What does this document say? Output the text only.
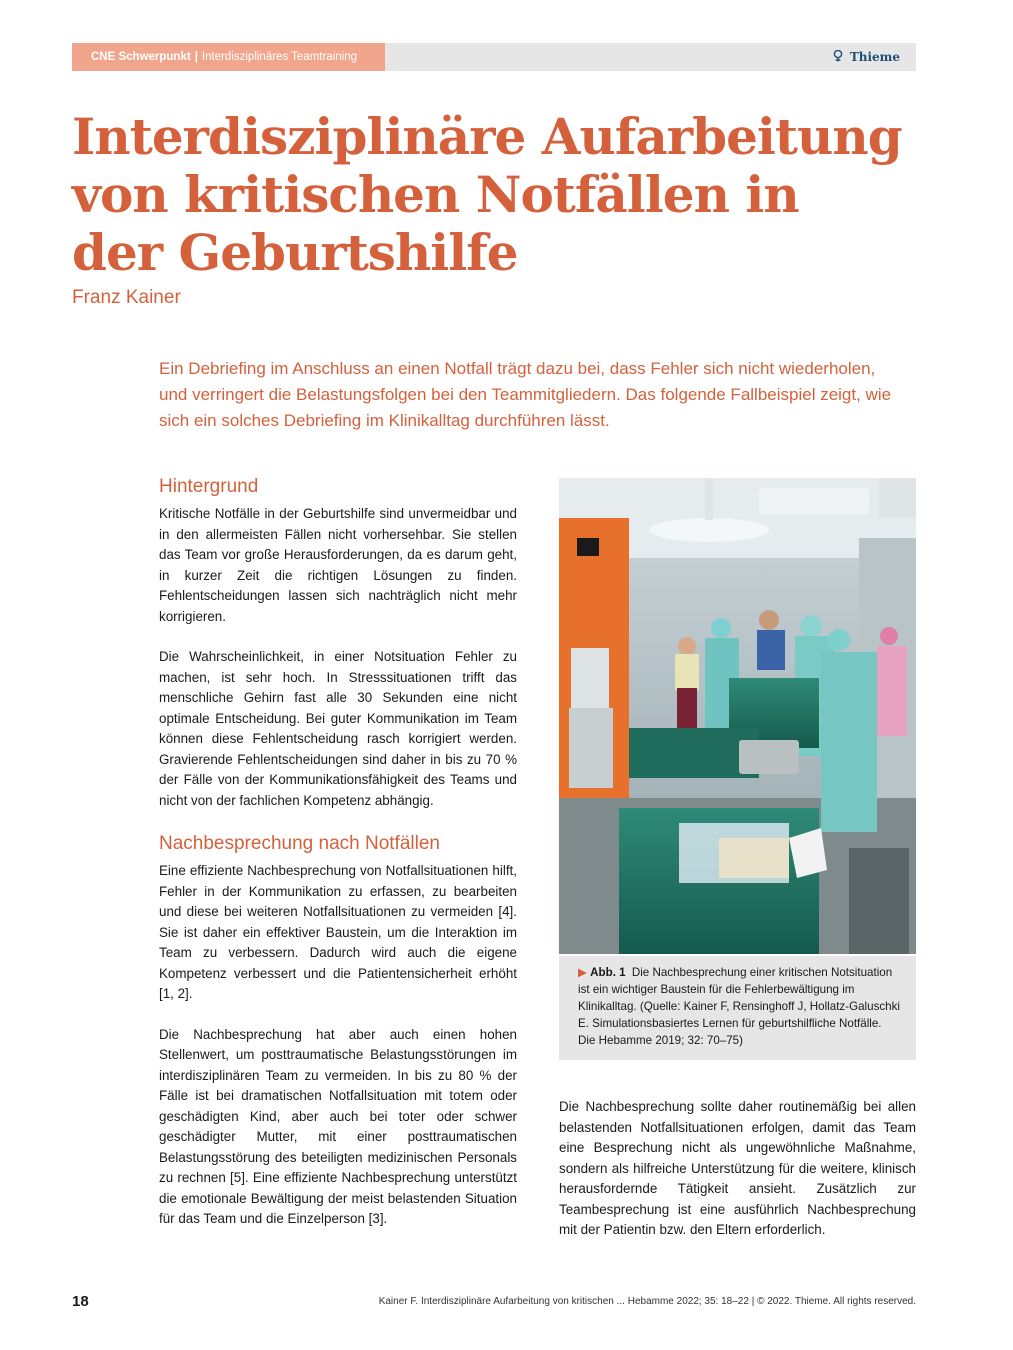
CNE Schwerpunkt | Interdisziplinäres Teamtraining	Thieme
Interdisziplinäre Aufarbeitung
von kritischen Notfällen in
der Geburtshilfe
Franz Kainer

Ein Debriefing im Anschluss an einen Notfall trägt dazu bei, dass Fehler sich nicht wiederholen, und verringert die Belastungsfolgen bei den Teammitgliedern. Das folgende Fallbeispiel zeigt, wie sich ein solches Debriefing im Klinikalltag durchführen lässt.

Hintergrund

Kritische Notfälle in der Geburtshilfe sind unvermeidbar und in den allermeisten Fällen nicht vorhersehbar. Sie stellen das Team vor große Herausforderungen, da es darum geht, in kurzer Zeit die richtigen Lösungen zu finden. Fehlentscheidungen lassen sich nachträglich nicht mehr korrigieren.

Die Wahrscheinlichkeit, in einer Notsituation Fehler zu machen, ist sehr hoch. In Stresssituationen trifft das menschliche Gehirn fast alle 30 Sekunden eine nicht optimale Entscheidung. Bei guter Kommunikation im Team können diese Fehlentscheidung rasch korrigiert werden. Gravierende Fehlentscheidungen sind daher in bis zu 70 % der Fälle von der Kommunikationsfähigkeit des Teams und nicht von der fachlichen Kompetenz abhängig.

Nachbesprechung nach Notfällen

Eine effiziente Nachbesprechung von Notfallsituationen hilft, Fehler in der Kommunikation zu erfassen, zu bearbeiten und diese bei weiteren Notfallsituationen zu vermeiden [4]. Sie ist daher ein effektiver Baustein, um die Interaktion im Team zu verbessern. Dadurch wird auch die eigene Kompetenz verbessert und die Patientensicherheit erhöht [1, 2].

Die Nachbesprechung hat aber auch einen hohen Stellenwert, um posttraumatische Belastungsstörungen im interdisziplinären Team zu vermeiden. In bis zu 80 % der Fälle ist bei dramatischen Notfallsituation mit totem oder geschädigten Kind, aber auch bei toter oder schwer geschädigter Mutter, mit einer posttraumatischen Belastungsstörung des beteiligten medizinischen Personals zu rechnen [5]. Eine effiziente Nachbesprechung unterstützt die emotionale Bewältigung der meist belastenden Situation für das Team und die Einzelperson [3].

▶ Abb. 1 Die Nachbesprechung einer kritischen Notsituation ist ein wichtiger Baustein für die Fehlerbewältigung im Klinikalltag. (Quelle: Kainer F, Rensinghoff J, Hollatz-Galuschki E. Simulationsbasiertes Lernen für geburtshilfliche Notfälle. Die Hebamme 2019; 32: 70–75)

Die Nachbesprechung sollte daher routinemäßig bei allen belastenden Notfallsituationen erfolgen, damit das Team eine Besprechung nicht als ungewöhnliche Maßnahme, sondern als hilfreiche Unterstützung für die weitere, klinisch herausfordernde Tätigkeit ansieht. Zusätzlich zur Teambesprechung ist eine ausführlich Nachbesprechung mit der Patientin bzw. den Eltern erforderlich.

18	Kainer F. Interdisziplinäre Aufarbeitung von kritischen ... Hebamme 2022; 35: 18–22 | © 2022. Thieme. All rights reserved.
